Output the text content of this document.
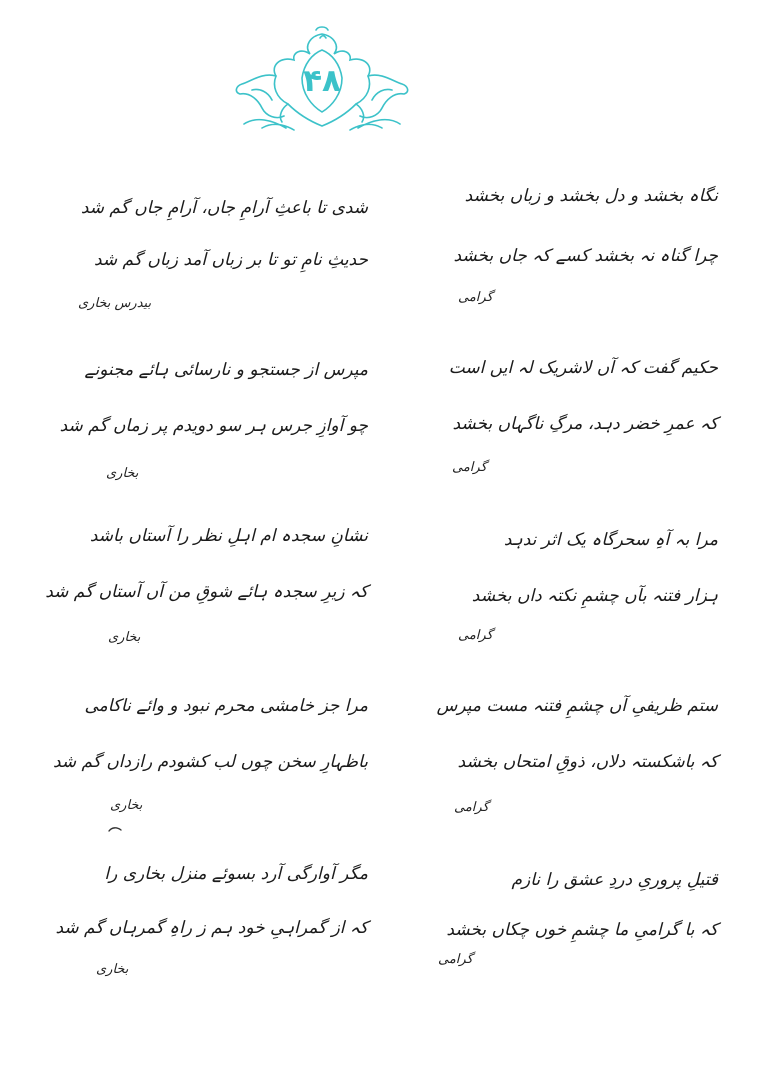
۴۸
نگاہ بخشد و دل بخشد و زباں بخشد
چرا گناہ نہ بخشد کسے کہ جاں بخشد
گرامی
حکیم گفت کہ آں لاشریک لہ ایں است
کہ عمرِ خضر دہد، مرگِ ناگہاں بخشد
گرامی
مرا بہ آہِ سحرگاہ یک اثر ندہد
ہزار فتنہ بآں چشمِ نکتہ داں بخشد
گرامی
ستم ظریفیِ آں چشمِ فتنہ مست مپرس
کہ باشکستہ دلاں، ذوقِ امتحاں بخشد
گرامی
قتیلِ پروریِ دردِ عشق را نازم
کہ با گرامیِ ما چشمِ خوں چکاں بخشد
گرامی
شدی تا باعثِ آرامِ جاں، آرامِ جاں گم شد
حدیثِ نامِ تو تا بر زباں آمد زباں گم شد
بیدرس بخاری
مپرس از جستجو و نارسائی ہائے مجنونے
چو آوازِ جرس ہر سو دویدم پر زماں گم شد
بخاری
نشانِ سجدہ ام اہلِ نظر را آستاں باشد
کہ زیرِ سجدہ ہائے شوقِ من آں آستاں گم شد
بخاری
مرا جز خامشی محرم نبود و وائے ناکامی
باظہارِ سخن چوں لب کشودم رازداں گم شد
بخاری
مگر آوارگی آرد بسوئے منزل بخاری را
کہ از گمراہیِ خود ہم ز راہِ گمرہاں گم شد
بخاری
